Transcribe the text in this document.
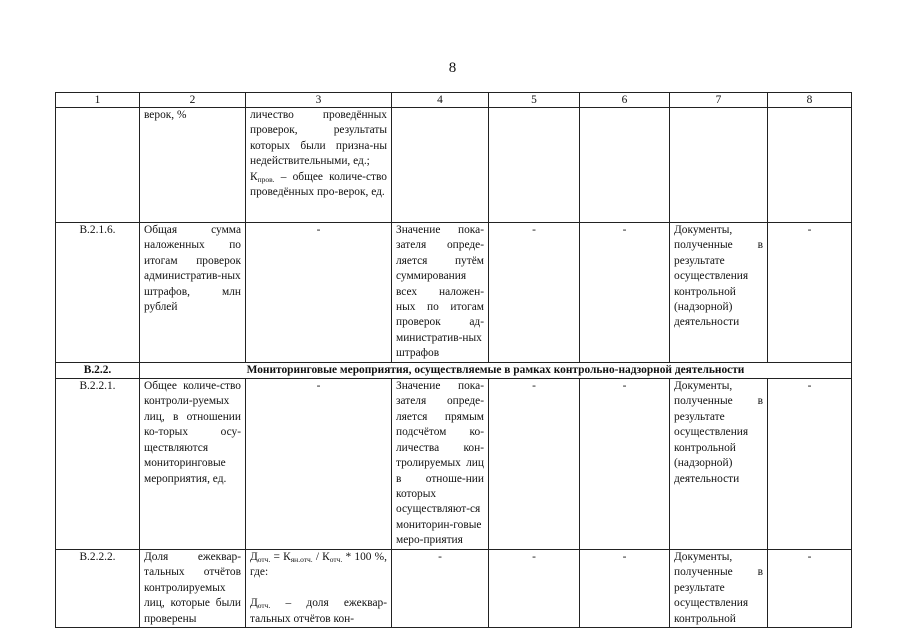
8
1	2	3	4	5	6	7	8
	верок, %	личество проведённых проверок, результаты которых были призна-ны недействительными, ед.;
$К_{пров.}$ – общее количе-ство проведённых про-верок, ед.					
В.2.1.6.	Общая сумма наложенных по итогам проверок административ-ных штрафов, млн рублей	-	Значение пока-зателя опреде-ляется путём суммирования всех наложен-ных по итогам проверок ад-министратив-ных штрафов	-	-	Документы, полученные в результате осуществления контрольной (надзорной) деятельности	-
В.2.2.	Мониторинговые мероприятия, осуществляемые в рамках контрольно-надзорной деятельности						
В.2.2.1.	Общее количе-ство контроли-руемых лиц, в отношении ко-торых осу-ществляются мониторинговые мероприятия, ед.	-	Значение пока-зателя опреде-ляется прямым подсчётом ко-личества кон-тролируемых лиц в отноше-нии которых осуществляют-ся мониторин-говые меро-приятия	-	-	Документы, полученные в результате осуществления контрольной (надзорной) деятельности	-
В.2.2.2.	Доля ежеквар-тальных отчётов контролируемых лиц, которые были проверены	$Д_{отч.} = К_{ян.отч.} / К_{отч.} * 100$ %, где:

$Д_{отч.}$ – доля ежеквар-тальных отчётов кон-	-	-	-	Документы, полученные в результате осуществления контрольной	-
